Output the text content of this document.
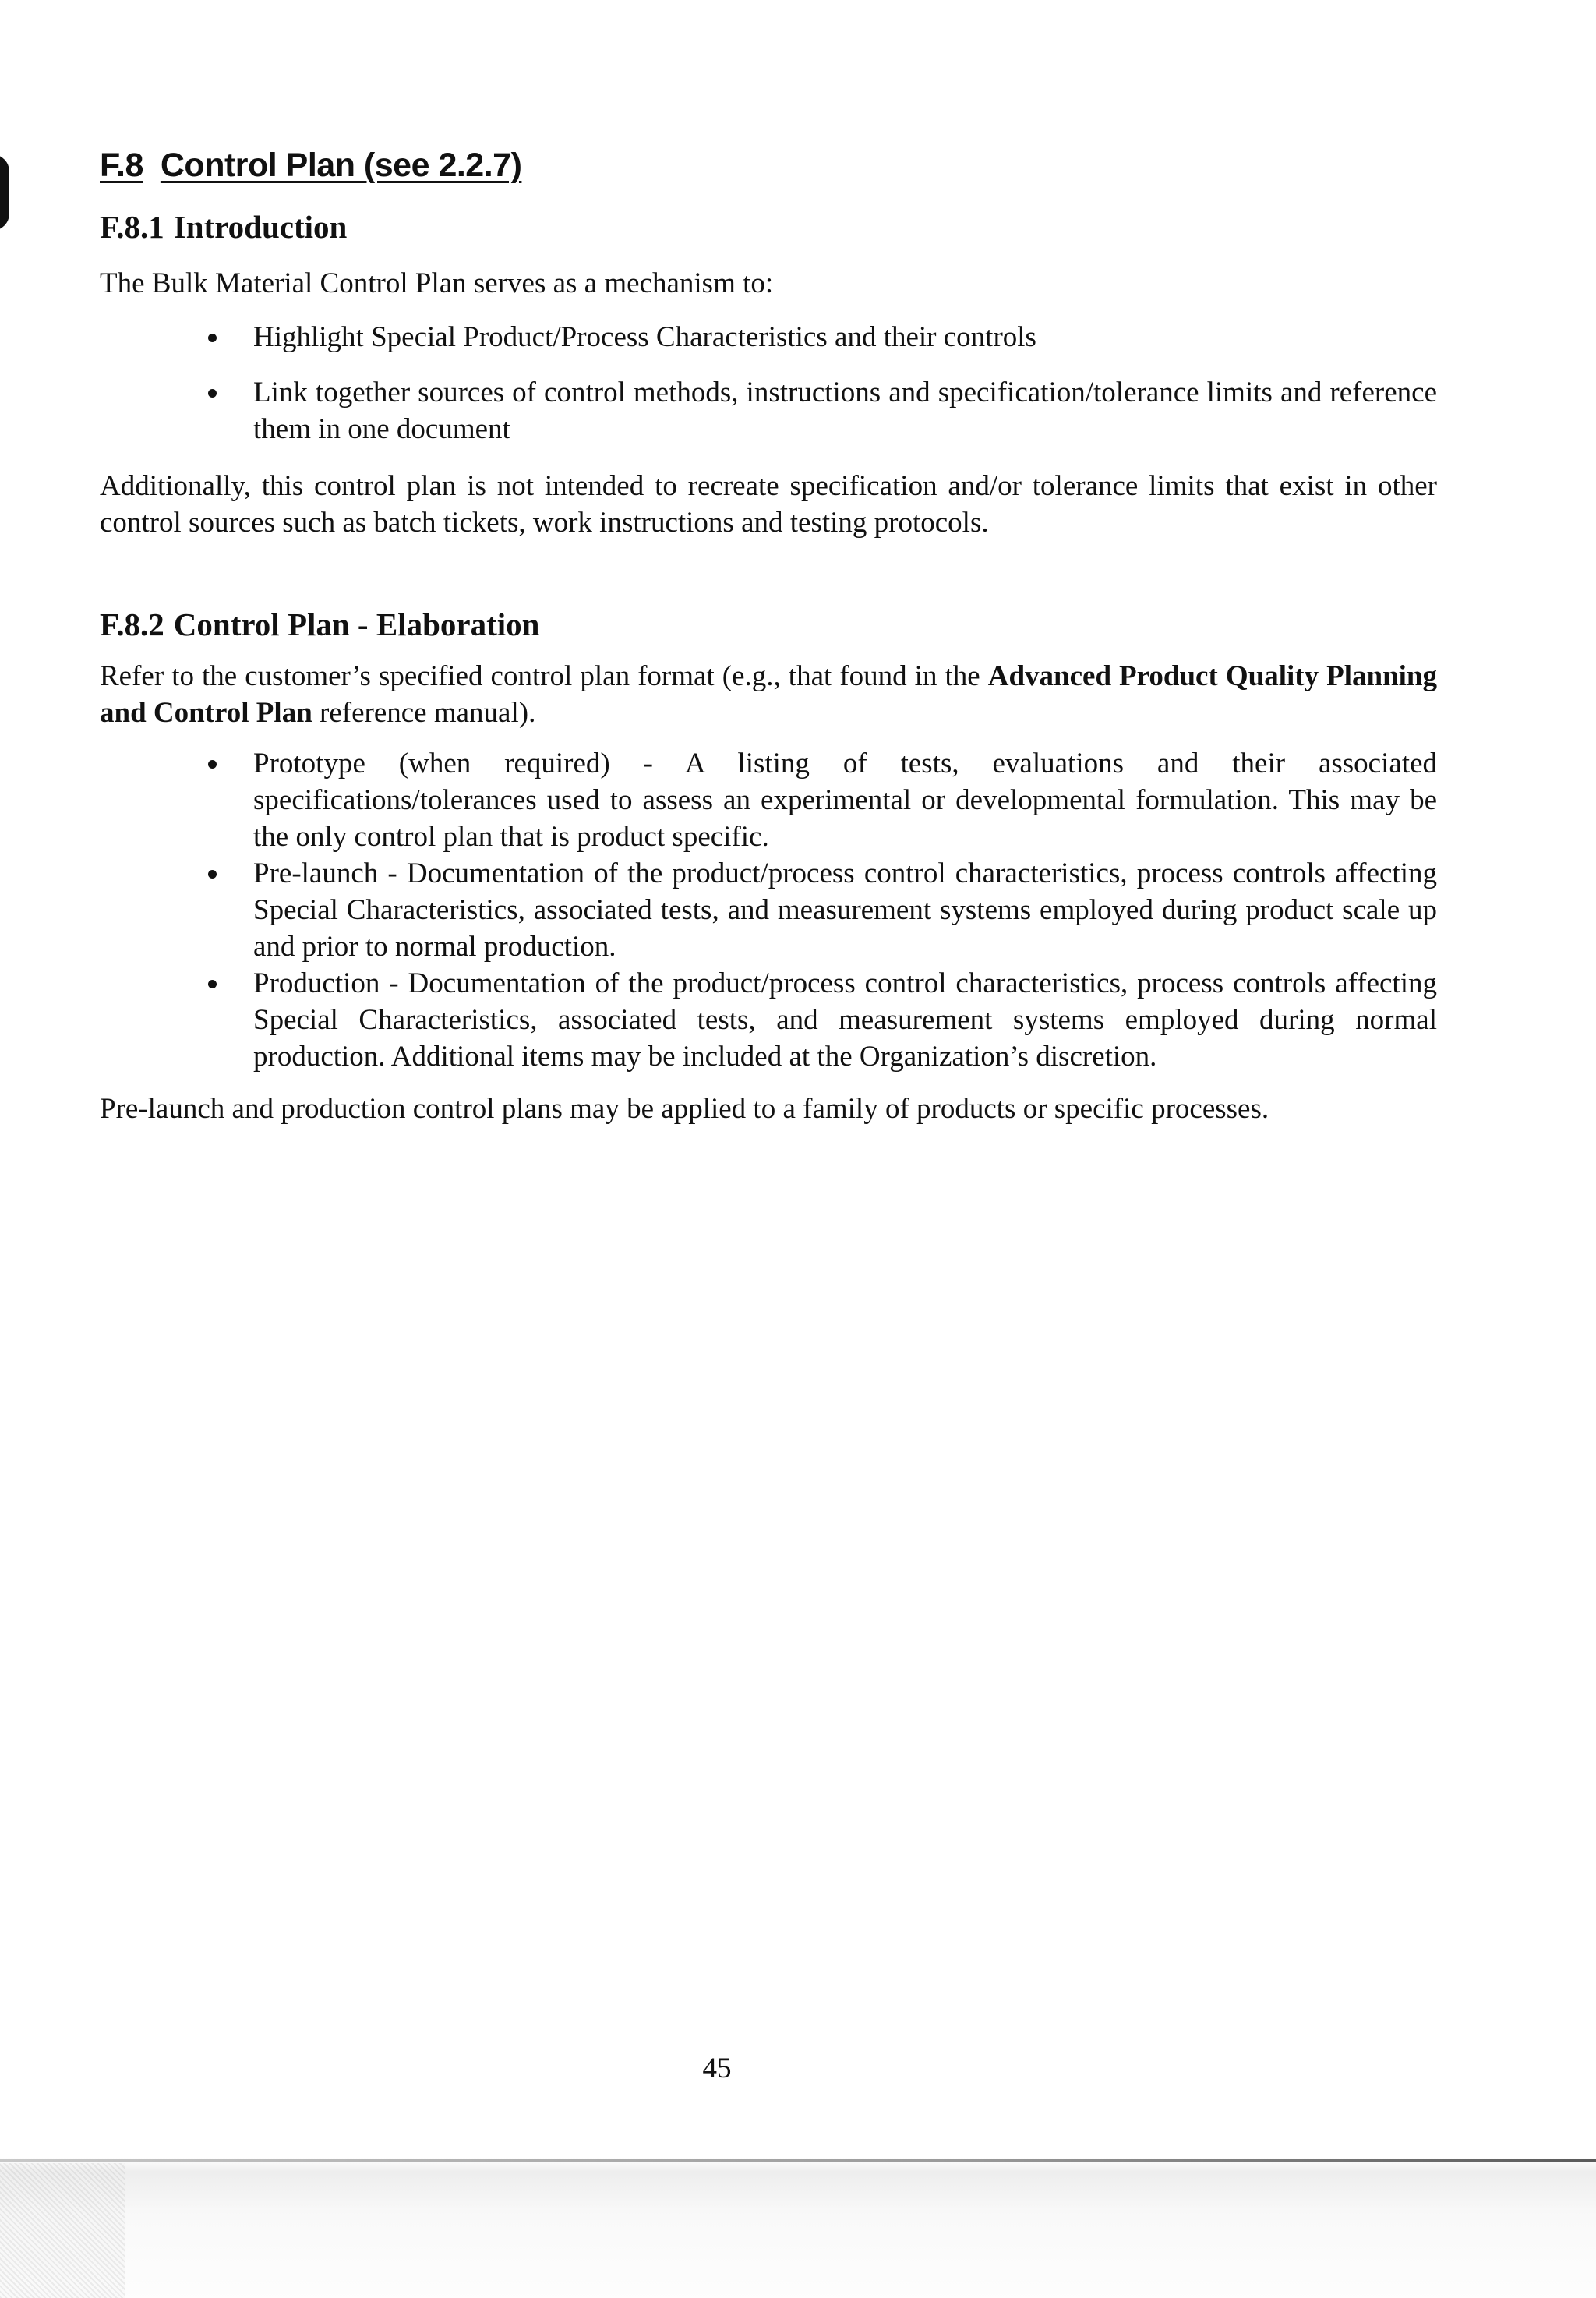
F.8 Control Plan (see 2.2.7)
F.8.1 Introduction

The Bulk Material Control Plan serves as a mechanism to:

Highlight Special Product/Process Characteristics and their controls
Link together sources of control methods, instructions and specification/tolerance limits and reference them in one document

Additionally, this control plan is not intended to recreate specification and/or tolerance limits that exist in other control sources such as batch tickets, work instructions and testing protocols.

F.8.2 Control Plan - Elaboration

Refer to the customer’s specified control plan format (e.g., that found in the Advanced Product Quality Planning and Control Plan reference manual).

Prototype (when required) - A listing of tests, evaluations and their associated specifications/tolerances used to assess an experimental or developmental formulation. This may be the only control plan that is product specific.
Pre-launch - Documentation of the product/process control characteristics, process controls affecting Special Characteristics, associated tests, and measurement systems employed during product scale up and prior to normal production.
Production - Documentation of the product/process control characteristics, process controls affecting Special Characteristics, associated tests, and measurement systems employed during normal production. Additional items may be included at the Organization’s discretion.

Pre-launch and production control plans may be applied to a family of products or specific processes.

45
